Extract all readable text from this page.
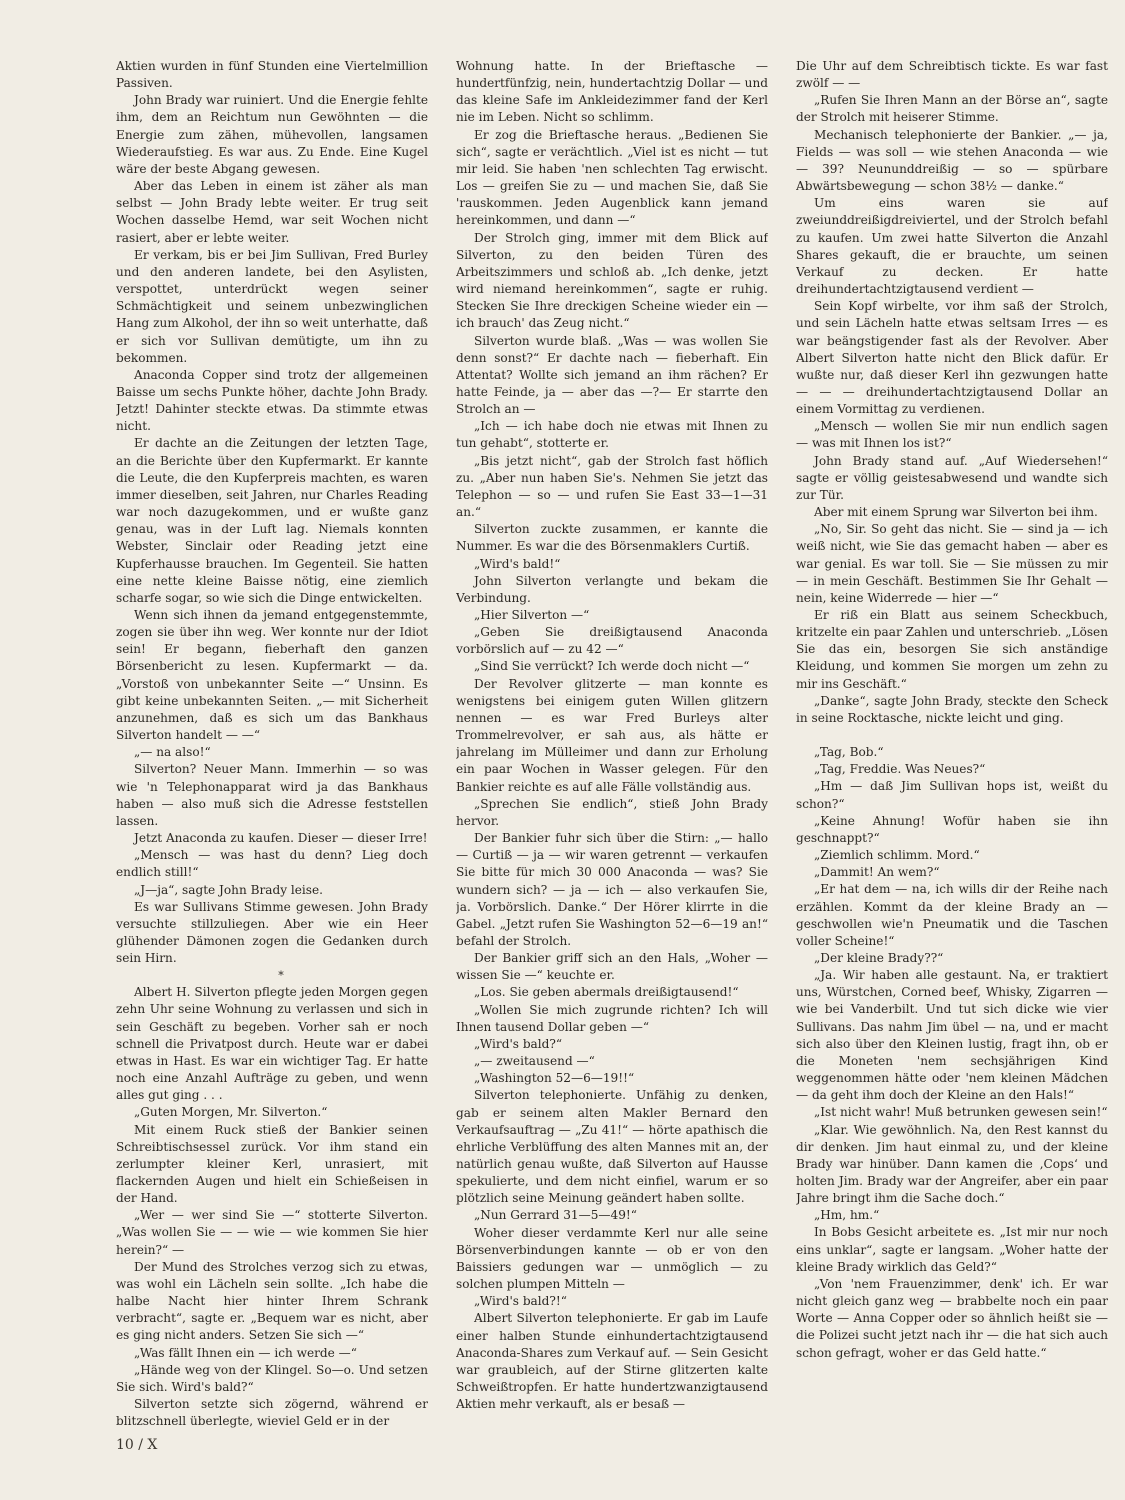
Aktien wurden in fünf Stunden eine Viertelmillion Passiven.

John Brady war ruiniert. Und die Energie fehlte ihm, dem an Reichtum nun Gewöhnten — die Energie zum zähen, mühevollen, langsamen Wiederaufstieg. Es war aus. Zu Ende. Eine Kugel wäre der beste Abgang gewesen.

Aber das Leben in einem ist zäher als man selbst — John Brady lebte weiter. Er trug seit Wochen dasselbe Hemd, war seit Wochen nicht rasiert, aber er lebte weiter.

Er verkam, bis er bei Jim Sullivan, Fred Burley und den anderen landete, bei den Asylisten, verspottet, unterdrückt wegen seiner Schmächtigkeit und seinem unbezwinglichen Hang zum Alkohol, der ihn so weit unterhatte, daß er sich vor Sullivan demütigte, um ihn zu bekommen.

Anaconda Copper sind trotz der allgemeinen Baisse um sechs Punkte höher, dachte John Brady. Jetzt! Dahinter steckte etwas. Da stimmte etwas nicht.

Er dachte an die Zeitungen der letzten Tage, an die Berichte über den Kupfermarkt. Er kannte die Leute, die den Kupferpreis machten, es waren immer dieselben, seit Jahren, nur Charles Reading war noch dazugekommen, und er wußte ganz genau, was in der Luft lag. Niemals konnten Webster, Sinclair oder Reading jetzt eine Kupferhausse brauchen. Im Gegenteil. Sie hatten eine nette kleine Baisse nötig, eine ziemlich scharfe sogar, so wie sich die Dinge entwickelten.

Wenn sich ihnen da jemand entgegenstemmte, zogen sie über ihn weg. Wer konnte nur der Idiot sein! Er begann, fieberhaft den ganzen Börsenbericht zu lesen. Kupfermarkt — da. „Vorstoß von unbekannter Seite —“ Unsinn. Es gibt keine unbekannten Seiten. „— mit Sicherheit anzunehmen, daß es sich um das Bankhaus Silverton handelt — —“

„— na also!“

Silverton? Neuer Mann. Immerhin — so was wie 'n Telephonapparat wird ja das Bankhaus haben — also muß sich die Adresse feststellen lassen.

Jetzt Anaconda zu kaufen. Dieser — dieser Irre!

„Mensch — was hast du denn? Lieg doch endlich still!“

„J—ja“, sagte John Brady leise.

Es war Sullivans Stimme gewesen. John Brady versuchte stillzuliegen. Aber wie ein Heer glühender Dämonen zogen die Gedanken durch sein Hirn.

*

Albert H. Silverton pflegte jeden Morgen gegen zehn Uhr seine Wohnung zu verlassen und sich in sein Geschäft zu begeben. Vorher sah er noch schnell die Privatpost durch. Heute war er dabei etwas in Hast. Es war ein wichtiger Tag. Er hatte noch eine Anzahl Aufträge zu geben, und wenn alles gut ging . . .

„Guten Morgen, Mr. Silverton.“

Mit einem Ruck stieß der Bankier seinen Schreibtischsessel zurück. Vor ihm stand ein zerlumpter kleiner Kerl, unrasiert, mit flackernden Augen und hielt ein Schießeisen in der Hand.

„Wer — wer sind Sie —“ stotterte Silverton. „Was wollen Sie — — wie — wie kommen Sie hier herein?“ —

Der Mund des Strolches verzog sich zu etwas, was wohl ein Lächeln sein sollte. „Ich habe die halbe Nacht hier hinter Ihrem Schrank verbracht“, sagte er. „Bequem war es nicht, aber es ging nicht anders. Setzen Sie sich —“

„Was fällt Ihnen ein — ich werde —“

„Hände weg von der Klingel. So—o. Und setzen Sie sich. Wird's bald?“

Silverton setzte sich zögernd, während er blitzschnell überlegte, wieviel Geld er in der

Wohnung hatte. In der Brieftasche — hundertfünfzig, nein, hundertachtzig Dollar — und das kleine Safe im Ankleidezimmer fand der Kerl nie im Leben. Nicht so schlimm.

Er zog die Brieftasche heraus. „Bedienen Sie sich“, sagte er verächtlich. „Viel ist es nicht — tut mir leid. Sie haben 'nen schlechten Tag erwischt. Los — greifen Sie zu — und machen Sie, daß Sie 'rauskommen. Jeden Augenblick kann jemand hereinkommen, und dann —“

Der Strolch ging, immer mit dem Blick auf Silverton, zu den beiden Türen des Arbeitszimmers und schloß ab. „Ich denke, jetzt wird niemand hereinkommen“, sagte er ruhig. Stecken Sie Ihre dreckigen Scheine wieder ein — ich brauch' das Zeug nicht.“

Silverton wurde blaß. „Was — was wollen Sie denn sonst?“ Er dachte nach — fieberhaft. Ein Attentat? Wollte sich jemand an ihm rächen? Er hatte Feinde, ja — aber das —?— Er starrte den Strolch an —

„Ich — ich habe doch nie etwas mit Ihnen zu tun gehabt“, stotterte er.

„Bis jetzt nicht“, gab der Strolch fast höflich zu. „Aber nun haben Sie's. Nehmen Sie jetzt das Telephon — so — und rufen Sie East 33—1—31 an.“

Silverton zuckte zusammen, er kannte die Nummer. Es war die des Börsenmaklers Curtiß.

„Wird's bald!“

John Silverton verlangte und bekam die Verbindung.

„Hier Silverton —“

„Geben Sie dreißigtausend Anaconda vorbörslich auf — zu 42 —“

„Sind Sie verrückt? Ich werde doch nicht —“

Der Revolver glitzerte — man konnte es wenigstens bei einigem guten Willen glitzern nennen — es war Fred Burleys alter Trommelrevolver, er sah aus, als hätte er jahrelang im Mülleimer und dann zur Erholung ein paar Wochen in Wasser gelegen. Für den Bankier reichte es auf alle Fälle vollständig aus.

„Sprechen Sie endlich“, stieß John Brady hervor.

Der Bankier fuhr sich über die Stirn: „— hallo — Curtiß — ja — wir waren getrennt — verkaufen Sie bitte für mich 30 000 Anaconda — was? Sie wundern sich? — ja — ich — also verkaufen Sie, ja. Vorbörslich. Danke.“ Der Hörer klirrte in die Gabel. „Jetzt rufen Sie Washington 52—6—19 an!“ befahl der Strolch.

Der Bankier griff sich an den Hals, „Woher — wissen Sie —“ keuchte er.

„Los. Sie geben abermals dreißigtausend!“

„Wollen Sie mich zugrunde richten? Ich will Ihnen tausend Dollar geben —“

„Wird's bald?“

„— zweitausend —“

„Washington 52—6—19!!“

Silverton telephonierte. Unfähig zu denken, gab er seinem alten Makler Bernard den Verkaufsauftrag — „Zu 41!“ — hörte apathisch die ehrliche Verblüffung des alten Mannes mit an, der natürlich genau wußte, daß Silverton auf Hausse spekulierte, und dem nicht einfiel, warum er so plötzlich seine Meinung geändert haben sollte.

„Nun Gerrard 31—5—49!“

Woher dieser verdammte Kerl nur alle seine Börsenverbindungen kannte — ob er von den Baissiers gedungen war — unmöglich — zu solchen plumpen Mitteln —

„Wird's bald?!“

Albert Silverton telephonierte. Er gab im Laufe einer halben Stunde einhundertachtzigtausend Anaconda-Shares zum Verkauf auf. — Sein Gesicht war graubleich, auf der Stirne glitzerten kalte Schweißtropfen. Er hatte hundertzwanzigtausend Aktien mehr verkauft, als er besaß —

Die Uhr auf dem Schreibtisch tickte. Es war fast zwölf — —

„Rufen Sie Ihren Mann an der Börse an“, sagte der Strolch mit heiserer Stimme.

Mechanisch telephonierte der Bankier. „— ja, Fields — was soll — wie stehen Anaconda — wie — 39? Neununddreißig — so — spürbare Abwärtsbewegung — schon 38½ — danke.“

Um eins waren sie auf zweiunddreißigdreiviertel, und der Strolch befahl zu kaufen. Um zwei hatte Silverton die Anzahl Shares gekauft, die er brauchte, um seinen Verkauf zu decken. Er hatte dreihundertachtzigtausend verdient —

Sein Kopf wirbelte, vor ihm saß der Strolch, und sein Lächeln hatte etwas seltsam Irres — es war beängstigender fast als der Revolver. Aber Albert Silverton hatte nicht den Blick dafür. Er wußte nur, daß dieser Kerl ihn gezwungen hatte — — — dreihundertachtzigtausend Dollar an einem Vormittag zu verdienen.

„Mensch — wollen Sie mir nun endlich sagen — was mit Ihnen los ist?“

John Brady stand auf. „Auf Wiedersehen!“ sagte er völlig geistesabwesend und wandte sich zur Tür.

Aber mit einem Sprung war Silverton bei ihm.

„No, Sir. So geht das nicht. Sie — sind ja — ich weiß nicht, wie Sie das gemacht haben — aber es war genial. Es war toll. Sie — Sie müssen zu mir — in mein Geschäft. Bestimmen Sie Ihr Gehalt — nein, keine Widerrede — hier —“

Er riß ein Blatt aus seinem Scheckbuch, kritzelte ein paar Zahlen und unterschrieb. „Lösen Sie das ein, besorgen Sie sich anständige Kleidung, und kommen Sie morgen um zehn zu mir ins Geschäft.“

„Danke“, sagte John Brady, steckte den Scheck in seine Rocktasche, nickte leicht und ging.

„Tag, Bob.“

„Tag, Freddie. Was Neues?“

„Hm — daß Jim Sullivan hops ist, weißt du schon?“

„Keine Ahnung! Wofür haben sie ihn geschnappt?“

„Ziemlich schlimm. Mord.“

„Dammit! An wem?“

„Er hat dem — na, ich wills dir der Reihe nach erzählen. Kommt da der kleine Brady an — geschwollen wie'n Pneumatik und die Taschen voller Scheine!“

„Der kleine Brady??“

„Ja. Wir haben alle gestaunt. Na, er traktiert uns, Würstchen, Corned beef, Whisky, Zigarren — wie bei Vanderbilt. Und tut sich dicke wie vier Sullivans. Das nahm Jim übel — na, und er macht sich also über den Kleinen lustig, fragt ihn, ob er die Moneten 'nem sechsjährigen Kind weggenommen hätte oder 'nem kleinen Mädchen — da geht ihm doch der Kleine an den Hals!“

„Ist nicht wahr! Muß betrunken gewesen sein!“

„Klar. Wie gewöhnlich. Na, den Rest kannst du dir denken. Jim haut einmal zu, und der kleine Brady war hinüber. Dann kamen die ‚Cops‘ und holten Jim. Brady war der Angreifer, aber ein paar Jahre bringt ihm die Sache doch.“

„Hm, hm.“

In Bobs Gesicht arbeitete es. „Ist mir nur noch eins unklar“, sagte er langsam. „Woher hatte der kleine Brady wirklich das Geld?“

„Von 'nem Frauenzimmer, denk' ich. Er war nicht gleich ganz weg — brabbelte noch ein paar Worte — Anna Copper oder so ähnlich heißt sie — die Polizei sucht jetzt nach ihr — die hat sich auch schon gefragt, woher er das Geld hatte.“

10 / X
